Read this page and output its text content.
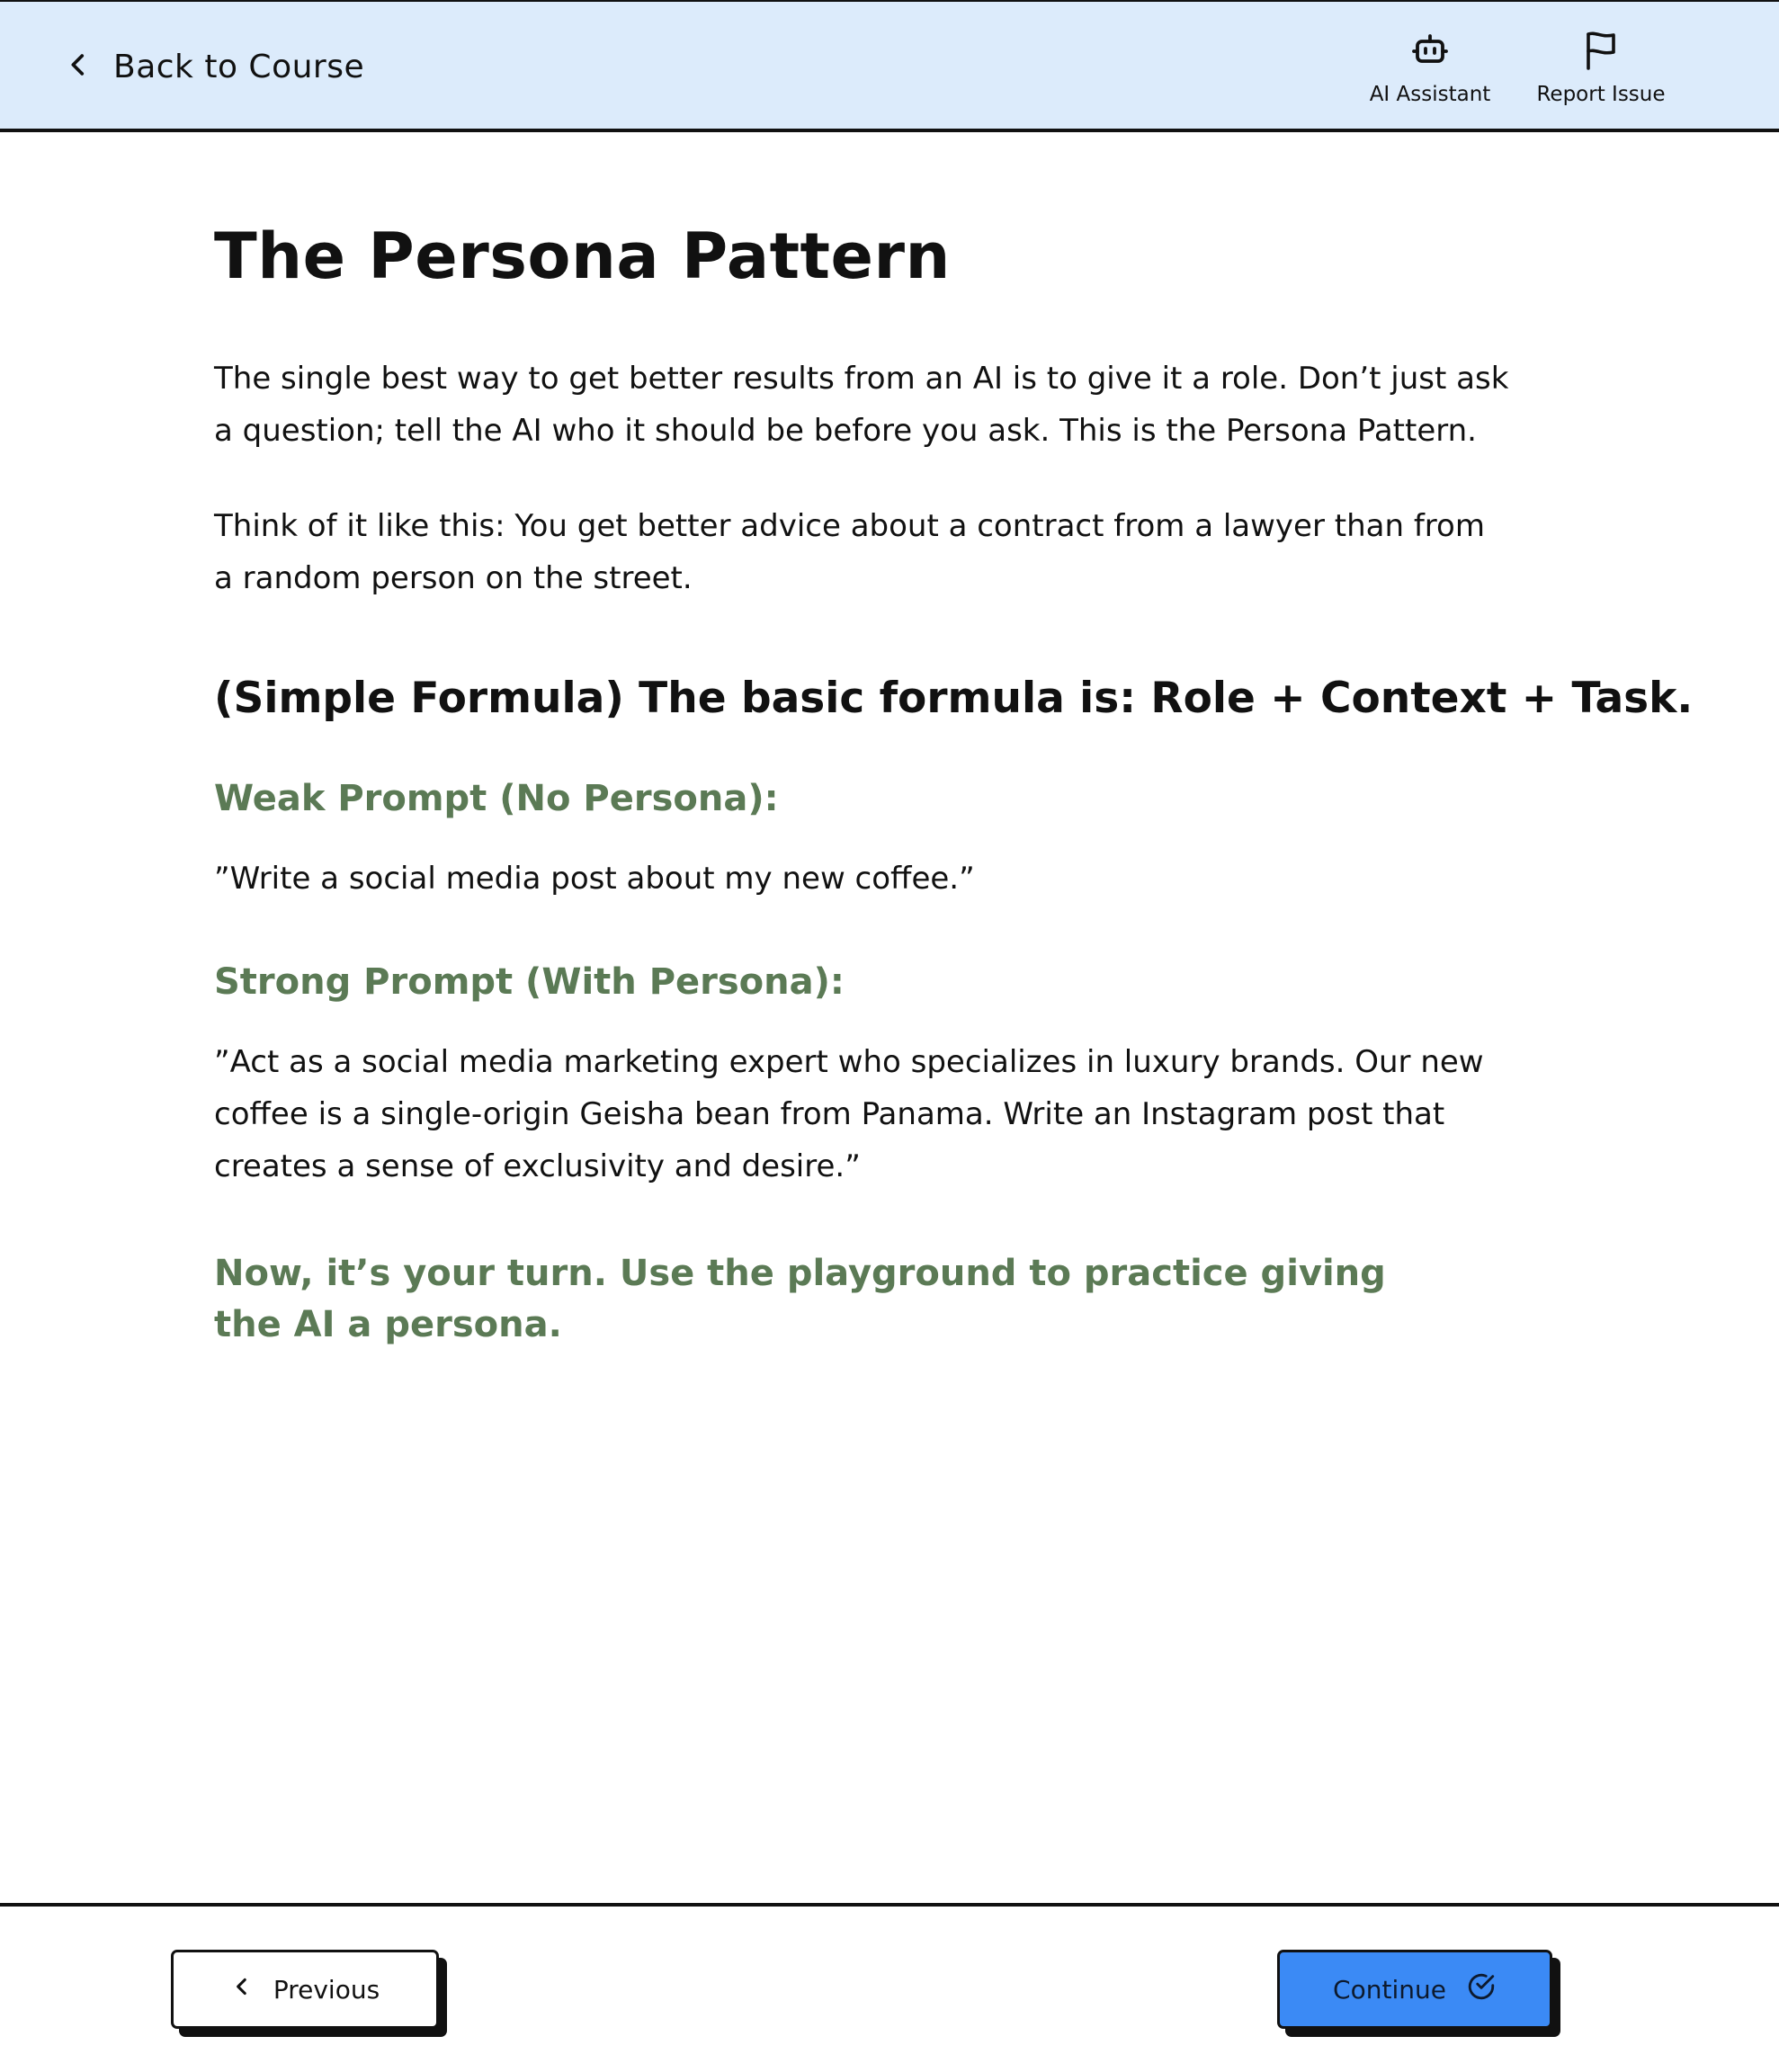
Back to Course
AI Assistant Report Issue
The Persona Pattern

The single best way to get better results from an AI is to give it a role. Don’t just ask a question; tell the AI who it should be before you ask. This is the Persona Pattern.

Think of it like this: You get better advice about a contract from a lawyer than from a random person on the street.

(Simple Formula) The basic formula is: Role + Context + Task.
Weak Prompt (No Persona):

”Write a social media post about my new coffee.”

Strong Prompt (With Persona):

”Act as a social media marketing expert who specializes in luxury brands. Our new coffee is a single-origin Geisha bean from Panama. Write an Instagram post that creates a sense of exclusivity and desire.”

Now, it’s your turn. Use the playground to practice giving the AI a persona.

Previous	Continue
